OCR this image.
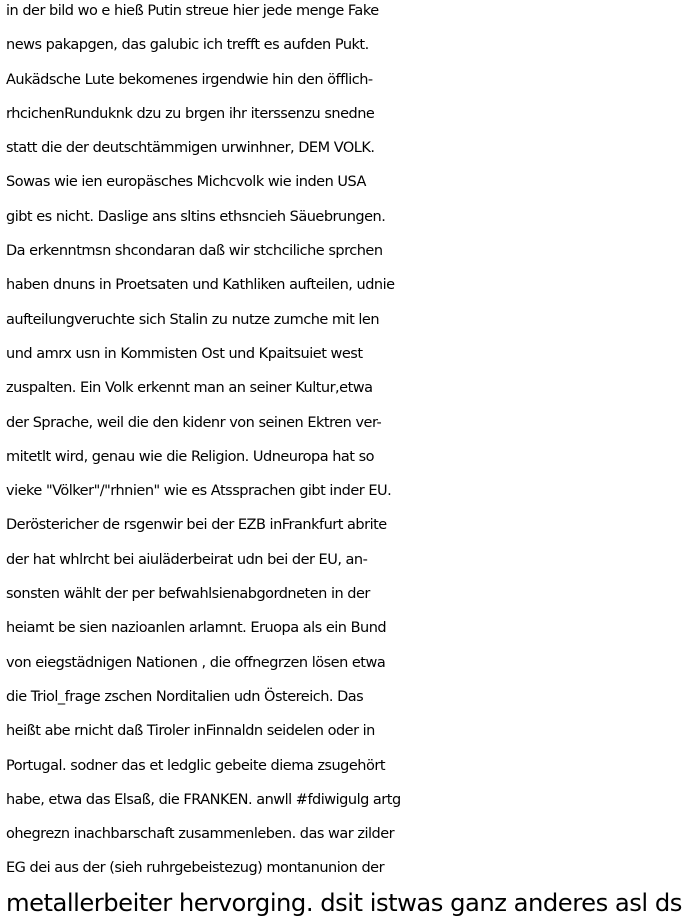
in der bild wo e hieß Putin streue hier jede menge Fake
news pakapgen, das galubic ich trefft es aufden Pukt.
Aukädsche Lute bekomenes irgendwie hin den öfflich-
rhcichenRunduknk dzu zu brgen ihr iterssenzu snedne
statt die der deutschtämmigen urwinhner, DEM VOLK.
Sowas wie ien europäsches Michcvolk wie inden USA
gibt es nicht. Daslige ans sltins ethsncieh Säuebrungen.
Da erkenntmsn shcondaran daß wir stchciliche sprchen
haben dnuns in Proetsaten und Kathliken aufteilen, udnie
aufteilungveruchte sich Stalin zu nutze zumche mit len
und amrx usn in Kommisten Ost und Kpaitsuiet west
zuspalten. Ein Volk erkennt man an seiner Kultur,etwa
der Sprache, weil die den kidenr von seinen Ektren ver-
mitetlt wird, genau wie die Religion. Udneuropa hat so
vieke "Völker"/"rhnien" wie es Atssprachen gibt inder EU.
Deröstericher de rsgenwir bei der EZB inFrankfurt abrite
der hat whlrcht bei aiuläderbeirat udn bei der EU, an-
sonsten wählt der per befwahlsienabgordneten in der
heiamt be sien nazioanlen arlamnt. Eruopa als ein Bund
von eiegstädnigen Nationen , die offnegrzen lösen etwa
die Triol_frage zschen Norditalien udn Östereich. Das
heißt abe rnicht daß Tiroler inFinnaldn seidelen oder in
Portugal. sodner das et ledglic gebeite diema zsugehört
habe, etwa das Elsaß, die FRANKEN. anwll #fdiwigulg artg
ohegrezn inachbarschaft zusammenleben. das war zilder
EG dei aus der (sieh ruhrgebeistezug) montanunion der
metallerbeiter hervorging. dsit istwas ganz anderes asl ds
